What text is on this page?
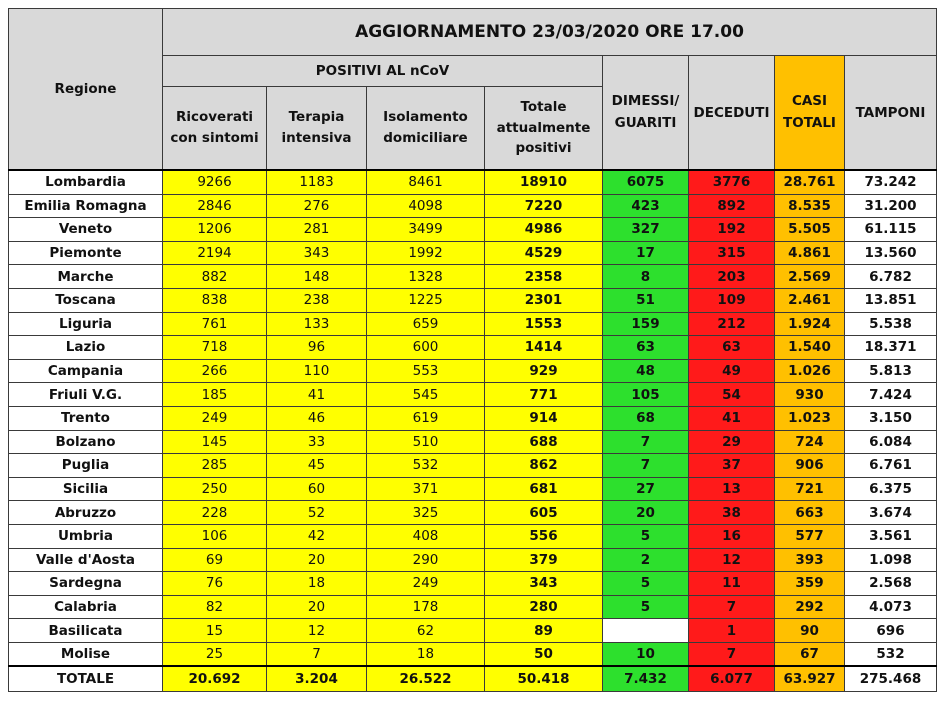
Regione	AGGIORNAMENTO 23/03/2020 ORE 17.00							
	POSITIVI AL nCoV				DIMESSI/ GUARITI	DECEDUTI	CASI TOTALI	TAMPONI
	Ricoverati con sintomi	Terapia intensiva	Isolamento domiciliare	Totale attualmente positivi				
Lombardia	9266	1183	8461	18910	6075	3776	28.761	73.242
Emilia Romagna	2846	276	4098	7220	423	892	8.535	31.200
Veneto	1206	281	3499	4986	327	192	5.505	61.115
Piemonte	2194	343	1992	4529	17	315	4.861	13.560
Marche	882	148	1328	2358	8	203	2.569	6.782
Toscana	838	238	1225	2301	51	109	2.461	13.851
Liguria	761	133	659	1553	159	212	1.924	5.538
Lazio	718	96	600	1414	63	63	1.540	18.371
Campania	266	110	553	929	48	49	1.026	5.813
Friuli V.G.	185	41	545	771	105	54	930	7.424
Trento	249	46	619	914	68	41	1.023	3.150
Bolzano	145	33	510	688	7	29	724	6.084
Puglia	285	45	532	862	7	37	906	6.761
Sicilia	250	60	371	681	27	13	721	6.375
Abruzzo	228	52	325	605	20	38	663	3.674
Umbria	106	42	408	556	5	16	577	3.561
Valle d'Aosta	69	20	290	379	2	12	393	1.098
Sardegna	76	18	249	343	5	11	359	2.568
Calabria	82	20	178	280	5	7	292	4.073
Basilicata	15	12	62	89		1	90	696
Molise	25	7	18	50	10	7	67	532
TOTALE	20.692	3.204	26.522	50.418	7.432	6.077	63.927	275.468
